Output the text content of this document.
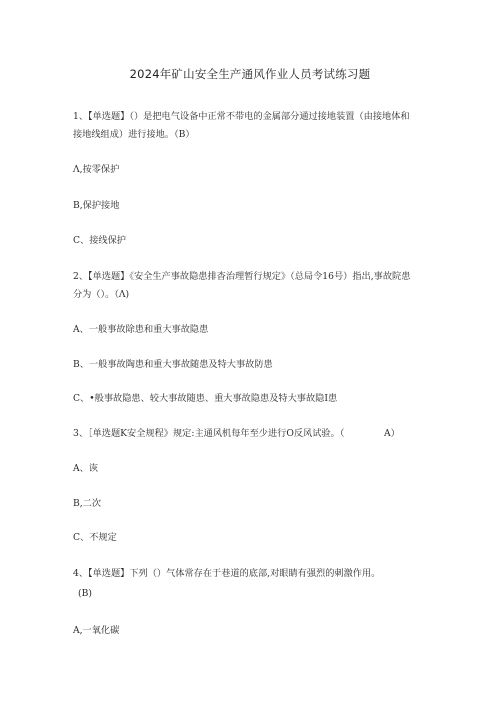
2024年矿山安全生产通风作业人员考试练习题
1、【单选题】（）是把电气设备中正常不带电的金属部分通过接地装置（由接地体和
接地线组成）进行接地。（B）
Λ,按零保护
B,保护接地
C、接线保护
2、【单选题】《安全生产事故隐患排杳治理暂行规定》（总局令16号）指出,事故院患
分为（）。（Λ)
A、一般事故除患和重大事故隐患
B、一般事故陶患和重大事故随患及特大事故防患
C、•般事故隐患、较大事故随患、重大事故隐患及特大事故隐I患
3、［单选题K安全规程》规定:主通风机每年至少进行O反风试验。（	A）
A、诙
B,二次
C、不规定
4、【单选题】下列（）气体常存在于巷道的底部,对眼睛有强烈的刺激作用。
(B)
A,一氧化碳
